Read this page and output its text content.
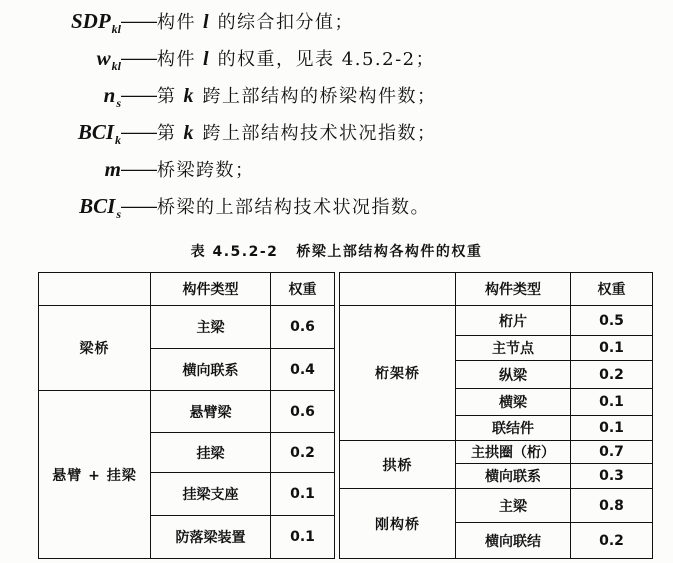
$SDP_{kl}——$构件 l 的综合扣分值；
$w_{kl}——$构件 l 的权重，见表 4.5.2-2；
$n_s——$第 k 跨上部结构的桥梁构件数；
$BCI_k——$第 k 跨上部结构技术状况指数；
m——桥梁跨数；
$BCI_s——$桥梁的上部结构技术状况指数。
表 4.5.2-2 桥梁上部结构各构件的权重
	构件类型	权重
梁桥	主梁	0.6
	横向联系	0.4
悬臂 + 挂梁	悬臂梁	0.6
	挂梁	0.2
	挂梁支座	0.1
	防落梁装置	0.1
	构件类型	权重
桁架桥	桁片	0.5
	主节点	0.1
	纵梁	0.2
	横梁	0.1
	联结件	0.1
拱桥	主拱圈（桁）	0.7
	横向联系	0.3
刚构桥	主梁	0.8
	横向联结	0.2
